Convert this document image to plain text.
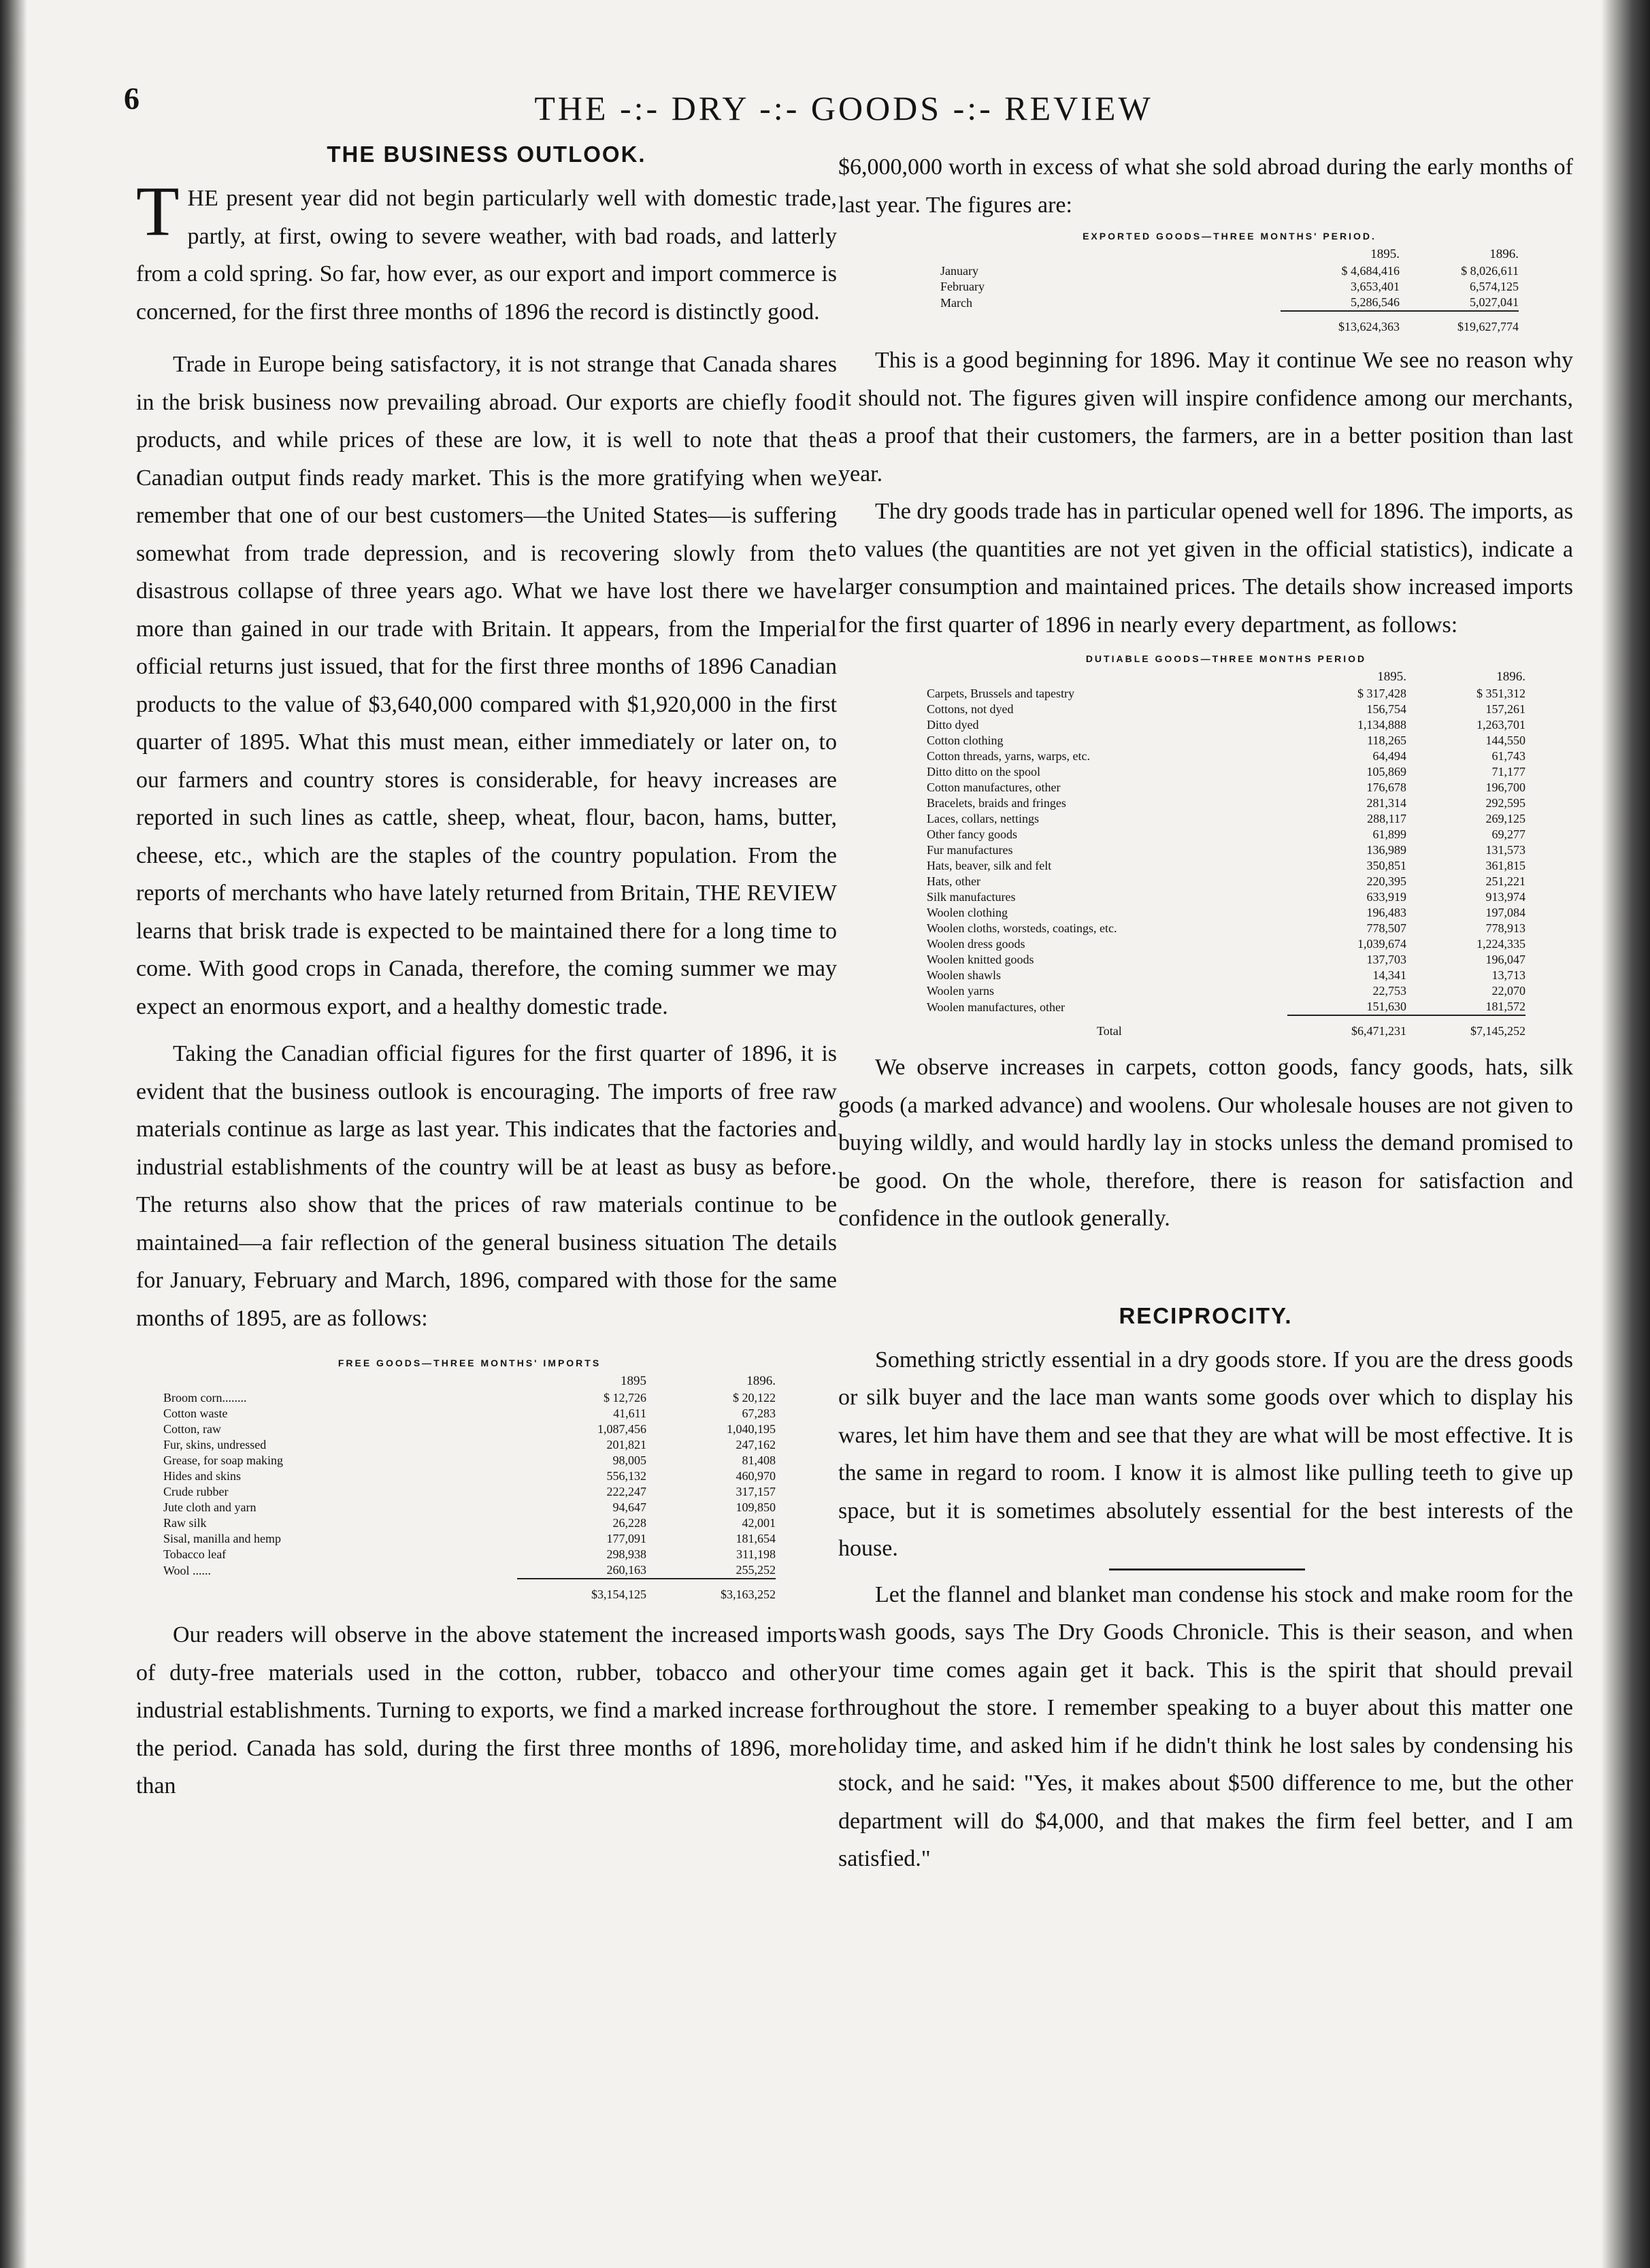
6	THE -:- DRY -:- GOODS -:- REVIEW
THE BUSINESS OUTLOOK.

THE present year did not begin particularly well with domestic trade, partly, at first, owing to severe weather, with bad roads, and latterly from a cold spring. So far, how ever, as our export and import commerce is concerned, for the first three months of 1896 the record is distinctly good.

Trade in Europe being satisfactory, it is not strange that Canada shares in the brisk business now prevailing abroad. Our exports are chiefly food products, and while prices of these are low, it is well to note that the Canadian output finds ready market. This is the more gratifying when we remember that one of our best customers—the United States—is suffering somewhat from trade depression, and is recovering slowly from the disastrous collapse of three years ago. What we have lost there we have more than gained in our trade with Britain. It appears, from the Imperial official returns just issued, that for the first three months of 1896 Canadian products to the value of $3,640,000 compared with $1,920,000 in the first quarter of 1895. What this must mean, either immediately or later on, to our farmers and country stores is considerable, for heavy increases are reported in such lines as cattle, sheep, wheat, flour, bacon, hams, butter, cheese, etc., which are the staples of the country population. From the reports of merchants who have lately returned from Britain, THE REVIEW learns that brisk trade is expected to be maintained there for a long time to come. With good crops in Canada, therefore, the coming summer we may expect an enormous export, and a healthy domestic trade.

Taking the Canadian official figures for the first quarter of 1896, it is evident that the business outlook is encouraging. The imports of free raw materials continue as large as last year. This indicates that the factories and industrial establishments of the country will be at least as busy as before. The returns also show that the prices of raw materials continue to be maintained—a fair reflection of the general business situation The details for January, February and March, 1896, compared with those for the same months of 1895, are as follows:

FREE GOODS—THREE MONTHS' IMPORTS
	1895	1896.
Broom corn........	$ 12,726	$ 20,122
Cotton waste	41,611	67,283
Cotton, raw	1,087,456	1,040,195
Fur, skins, undressed	201,821	247,162
Grease, for soap making	98,005	81,408
Hides and skins	556,132	460,970
Crude rubber	222,247	317,157
Jute cloth and yarn	94,647	109,850
Raw silk	26,228	42,001
Sisal, manilla and hemp	177,091	181,654
Tobacco leaf	298,938	311,198
Wool ......	260,163	255,252
	$3,154,125	$3,163,252

Our readers will observe in the above statement the increased imports of duty-free materials used in the cotton, rubber, tobacco and other industrial establishments. Turning to exports, we find a marked increase for the period. Canada has sold, during the first three months of 1896, more than

$6,000,000 worth in excess of what she sold abroad during the early months of last year. The figures are:

EXPORTED GOODS—THREE MONTHS' PERIOD.
	1895.	1896.
January	$ 4,684,416	$ 8,026,611
February	3,653,401	6,574,125
March	5,286,546	5,027,041
	$13,624,363	$19,627,774

This is a good beginning for 1896. May it continue We see no reason why it should not. The figures given will inspire confidence among our merchants, as a proof that their customers, the farmers, are in a better position than last year.

The dry goods trade has in particular opened well for 1896. The imports, as to values (the quantities are not yet given in the official statistics), indicate a larger consumption and maintained prices. The details show increased imports for the first quarter of 1896 in nearly every department, as follows:

DUTIABLE GOODS—THREE MONTHS PERIOD
	1895.	1896.
Carpets, Brussels and tapestry	$ 317,428	$ 351,312
Cottons, not dyed	156,754	157,261
Ditto dyed	1,134,888	1,263,701
Cotton clothing	118,265	144,550
Cotton threads, yarns, warps, etc.	64,494	61,743
Ditto ditto on the spool	105,869	71,177
Cotton manufactures, other	176,678	196,700
Bracelets, braids and fringes	281,314	292,595
Laces, collars, nettings	288,117	269,125
Other fancy goods	61,899	69,277
Fur manufactures	136,989	131,573
Hats, beaver, silk and felt	350,851	361,815
Hats, other	220,395	251,221
Silk manufactures	633,919	913,974
Woolen clothing	196,483	197,084
Woolen cloths, worsteds, coatings, etc.	778,507	778,913
Woolen dress goods	1,039,674	1,224,335
Woolen knitted goods	137,703	196,047
Woolen shawls	14,341	13,713
Woolen yarns	22,753	22,070
Woolen manufactures, other	151,630	181,572
Total	$6,471,231	$7,145,252

We observe increases in carpets, cotton goods, fancy goods, hats, silk goods (a marked advance) and woolens. Our wholesale houses are not given to buying wildly, and would hardly lay in stocks unless the demand promised to be good. On the whole, therefore, there is reason for satisfaction and confidence in the outlook generally.

RECIPROCITY.

Something strictly essential in a dry goods store. If you are the dress goods or silk buyer and the lace man wants some goods over which to display his wares, let him have them and see that they are what will be most effective. It is the same in regard to room. I know it is almost like pulling teeth to give up space, but it is sometimes absolutely essential for the best interests of the house.

Let the flannel and blanket man condense his stock and make room for the wash goods, says The Dry Goods Chronicle. This is their season, and when your time comes again get it back. This is the spirit that should prevail throughout the store. I remember speaking to a buyer about this matter one holiday time, and asked him if he didn't think he lost sales by condensing his stock, and he said: "Yes, it makes about $500 difference to me, but the other department will do $4,000, and that makes the firm feel better, and I am satisfied."
